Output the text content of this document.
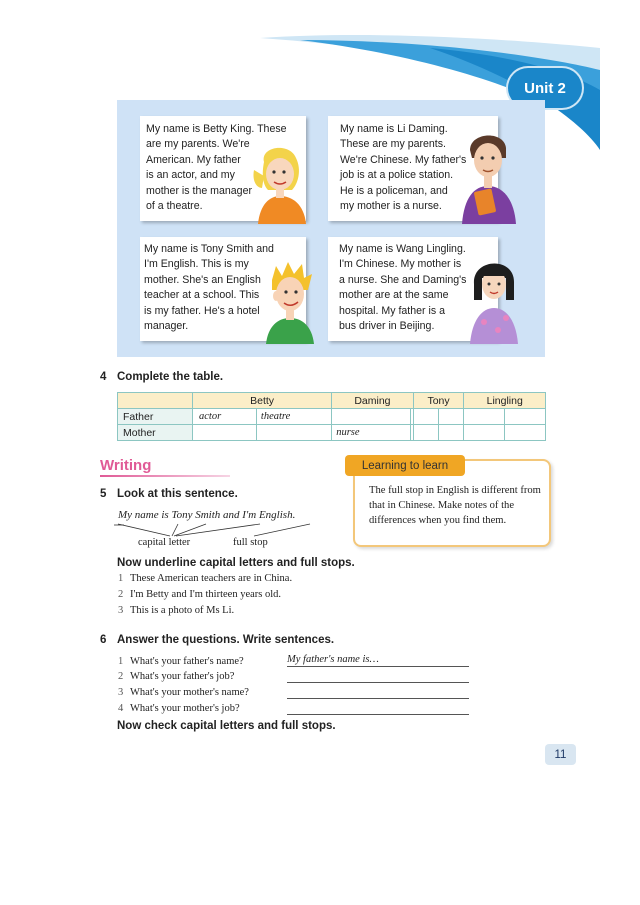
Unit 2
My name is Betty King. These
are my parents. We're
American. My father
is an actor, and my
mother is the manager
of a theatre.
My name is Li Daming.
These are my parents.
We're Chinese. My father's
job is at a police station.
He is a policeman, and
my mother is a nurse.
My name is Tony Smith and
I'm English. This is my
mother. She's an English
teacher at a school. This
is my father. He's a hotel
manager.
My name is Wang Lingling.
I'm Chinese. My mother is
a nurse. She and Daming's
mother are at the same
hospital. My father is a
bus driver in Beijing.
4 Complete the table.
	Betty		Daming		Tony		Lingling	
Father	actor	theatre						
Mother			nurse					
Writing	Learning to learn
The full stop in English is different from that in Chinese. Make notes of the differences when you find them.
5 Look at this sentence.
My name is Tony Smith and I'm English.
capital letter	full stop
Now underline capital letters and full stops.
1 These American teachers are in China.
2 I'm Betty and I'm thirteen years old.
3 This is a photo of Ms Li.
6 Answer the questions. Write sentences.
1 What's your father's name?	My father's name is…
2 What's your father's job?
3 What's your mother's name?
4 What's your mother's job?
Now check capital letters and full stops.
11
